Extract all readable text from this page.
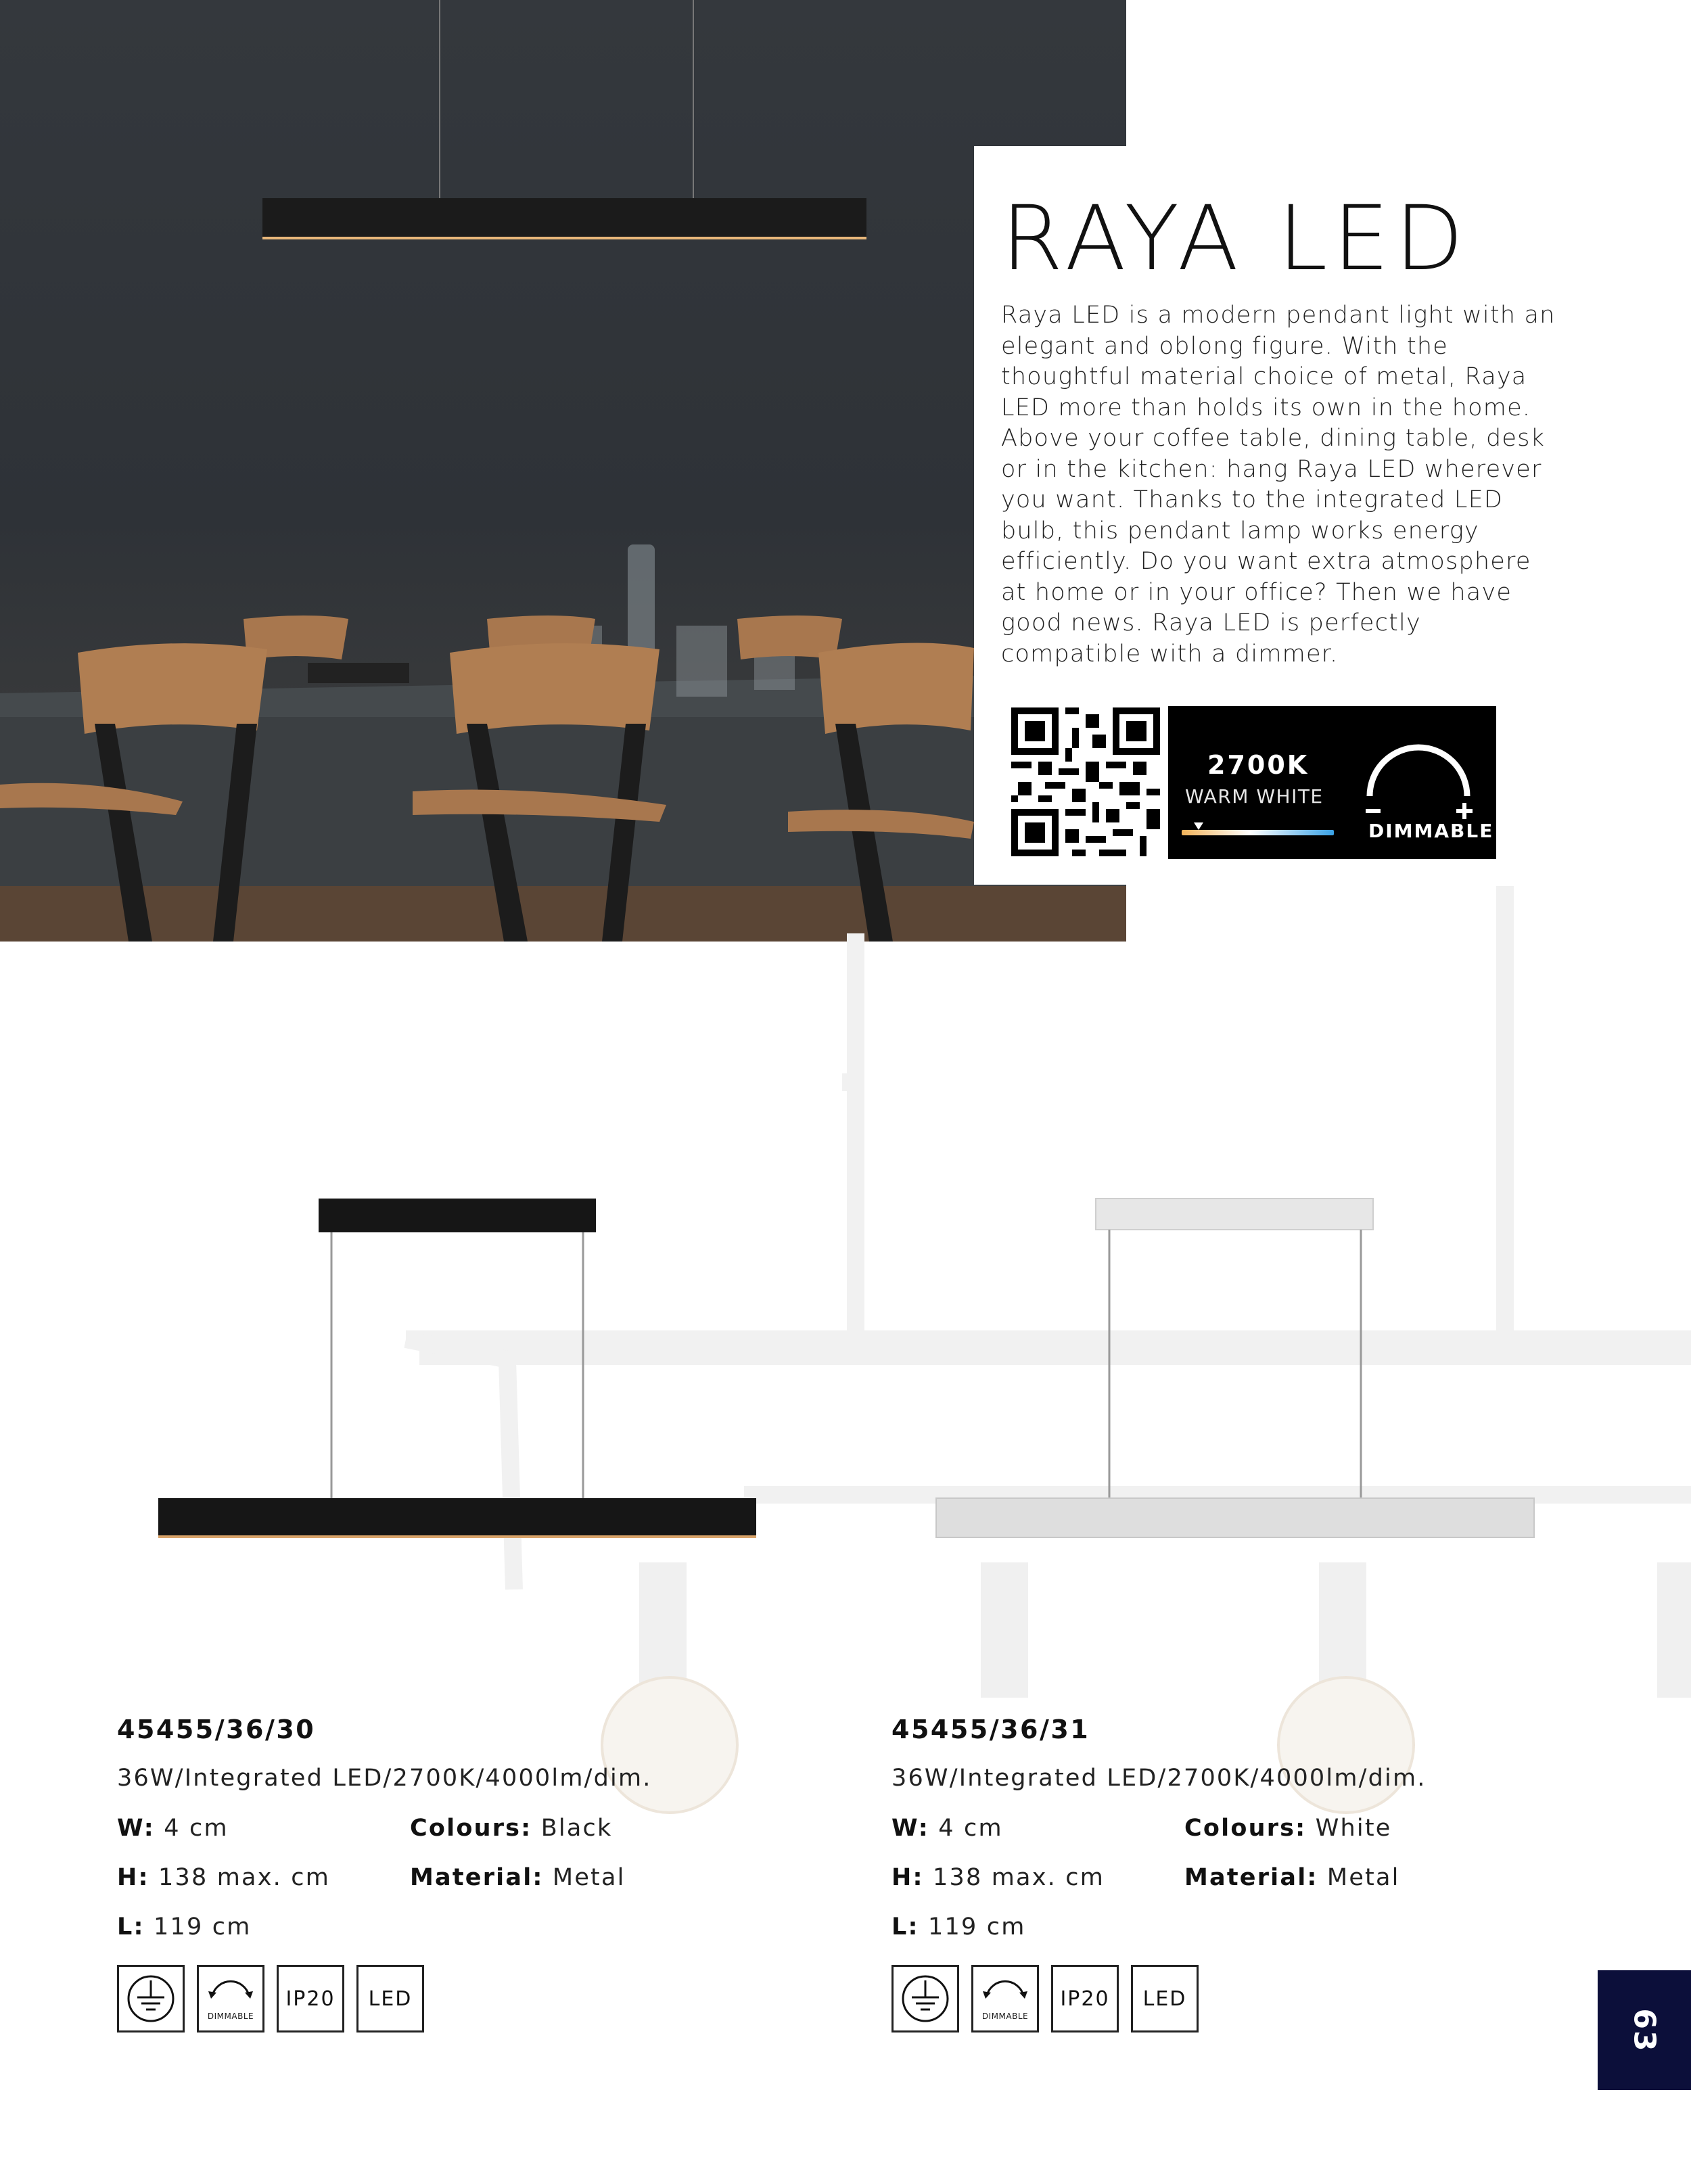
RAYA LED
Raya LED is a modern pendant light with an elegant and oblong figure. With the thoughtful material choice of metal, Raya LED more than holds its own in the home. Above your coffee table, dining table, desk or in the kitchen: hang Raya LED wherever you want. Thanks to the integrated LED bulb, this pendant lamp works energy efficiently. Do you want extra atmosphere at home or in your office? Then we have good news. Raya LED is perfectly compatible with a dimmer.
2700K
WARM WHITE
DIMMABLE
45455/36/30
36W/Integrated LED/2700K/4000lm/dim.
W: 4 cm
H: 138 max. cm
L: 119 cm
Colours: Black
Material: Metal
DIMMABLE
IP20	LED
45455/36/31
36W/Integrated LED/2700K/4000lm/dim.
W: 4 cm
H: 138 max. cm
L: 119 cm
Colours: White
Material: Metal
DIMMABLE
IP20	LED
63
